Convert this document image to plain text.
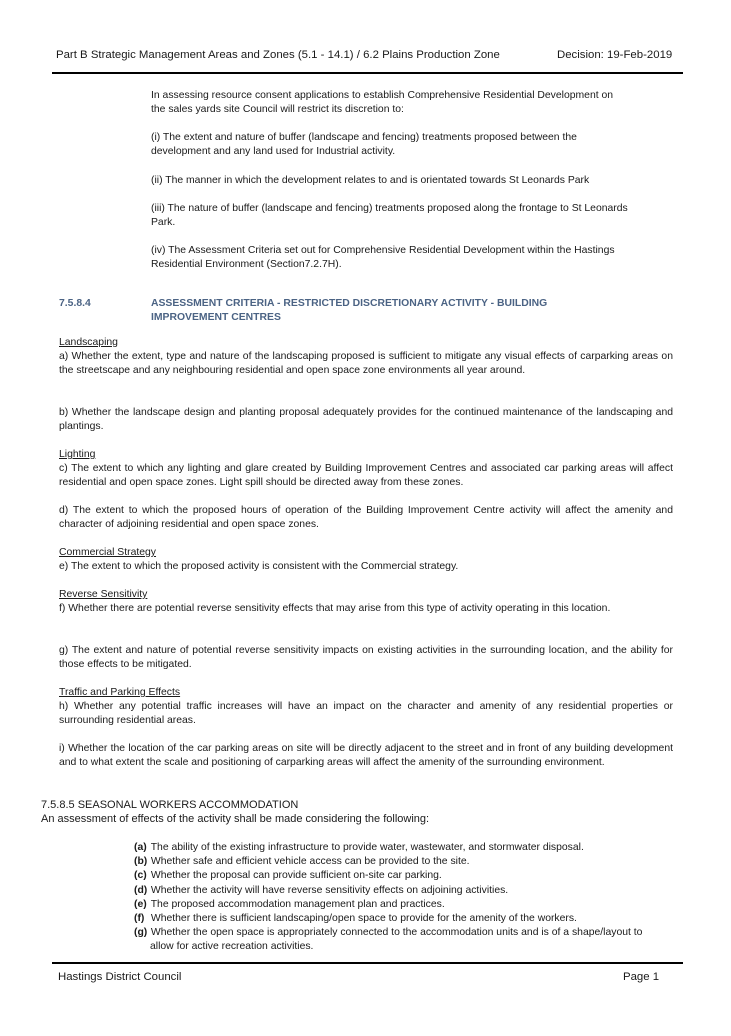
Part B Strategic Management Areas and Zones (5.1 - 14.1) / 6.2 Plains Production Zone	Decision: 19-Feb-2019
In assessing resource consent applications to establish Comprehensive Residential Development on the sales yards site Council will restrict its discretion to:
(i) The extent and nature of buffer (landscape and fencing) treatments proposed between the development and any land used for Industrial activity.
(ii) The manner in which the development relates to and is orientated towards St Leonards Park
(iii) The nature of buffer (landscape and fencing) treatments proposed along the frontage to St Leonards Park.
(iv) The Assessment Criteria set out for Comprehensive Residential Development within the Hastings Residential Environment (Section7.2.7H).
7.5.8.4	ASSESSMENT CRITERIA - RESTRICTED DISCRETIONARY ACTIVITY - BUILDING IMPROVEMENT CENTRES
Landscaping
a) Whether the extent, type and nature of the landscaping proposed is sufficient to mitigate any visual effects of carparking areas on the streetscape and any neighbouring residential and open space zone environments all year around.
b) Whether the landscape design and planting proposal adequately provides for the continued maintenance of the landscaping and plantings.
Lighting
c) The extent to which any lighting and glare created by Building Improvement Centres and associated car parking areas will affect residential and open space zones. Light spill should be directed away from these zones.
d) The extent to which the proposed hours of operation of the Building Improvement Centre activity will affect the amenity and character of adjoining residential and open space zones.
Commercial Strategy
e) The extent to which the proposed activity is consistent with the Commercial strategy.
Reverse Sensitivity
f) Whether there are potential reverse sensitivity effects that may arise from this type of activity operating in this location.
g) The extent and nature of potential reverse sensitivity impacts on existing activities in the surrounding location, and the ability for those effects to be mitigated.
Traffic and Parking Effects
h) Whether any potential traffic increases will have an impact on the character and amenity of any residential properties or surrounding residential areas.
i) Whether the location of the car parking areas on site will be directly adjacent to the street and in front of any building development and to what extent the scale and positioning of carparking areas will affect the amenity of the surrounding environment.
7.5.8.5 SEASONAL WORKERS ACCOMMODATION
An assessment of effects of the activity shall be made considering the following:
(a) The ability of the existing infrastructure to provide water, wastewater, and stormwater disposal.
(b) Whether safe and efficient vehicle access can be provided to the site.
(c) Whether the proposal can provide sufficient on-site car parking.
(d) Whether the activity will have reverse sensitivity effects on adjoining activities.
(e) The proposed accommodation management plan and practices.
(f) Whether there is sufficient landscaping/open space to provide for the amenity of the workers.
(g) Whether the open space is appropriately connected to the accommodation units and is of a shape/layout to allow for active recreation activities.
Hastings District Council	Page 1
